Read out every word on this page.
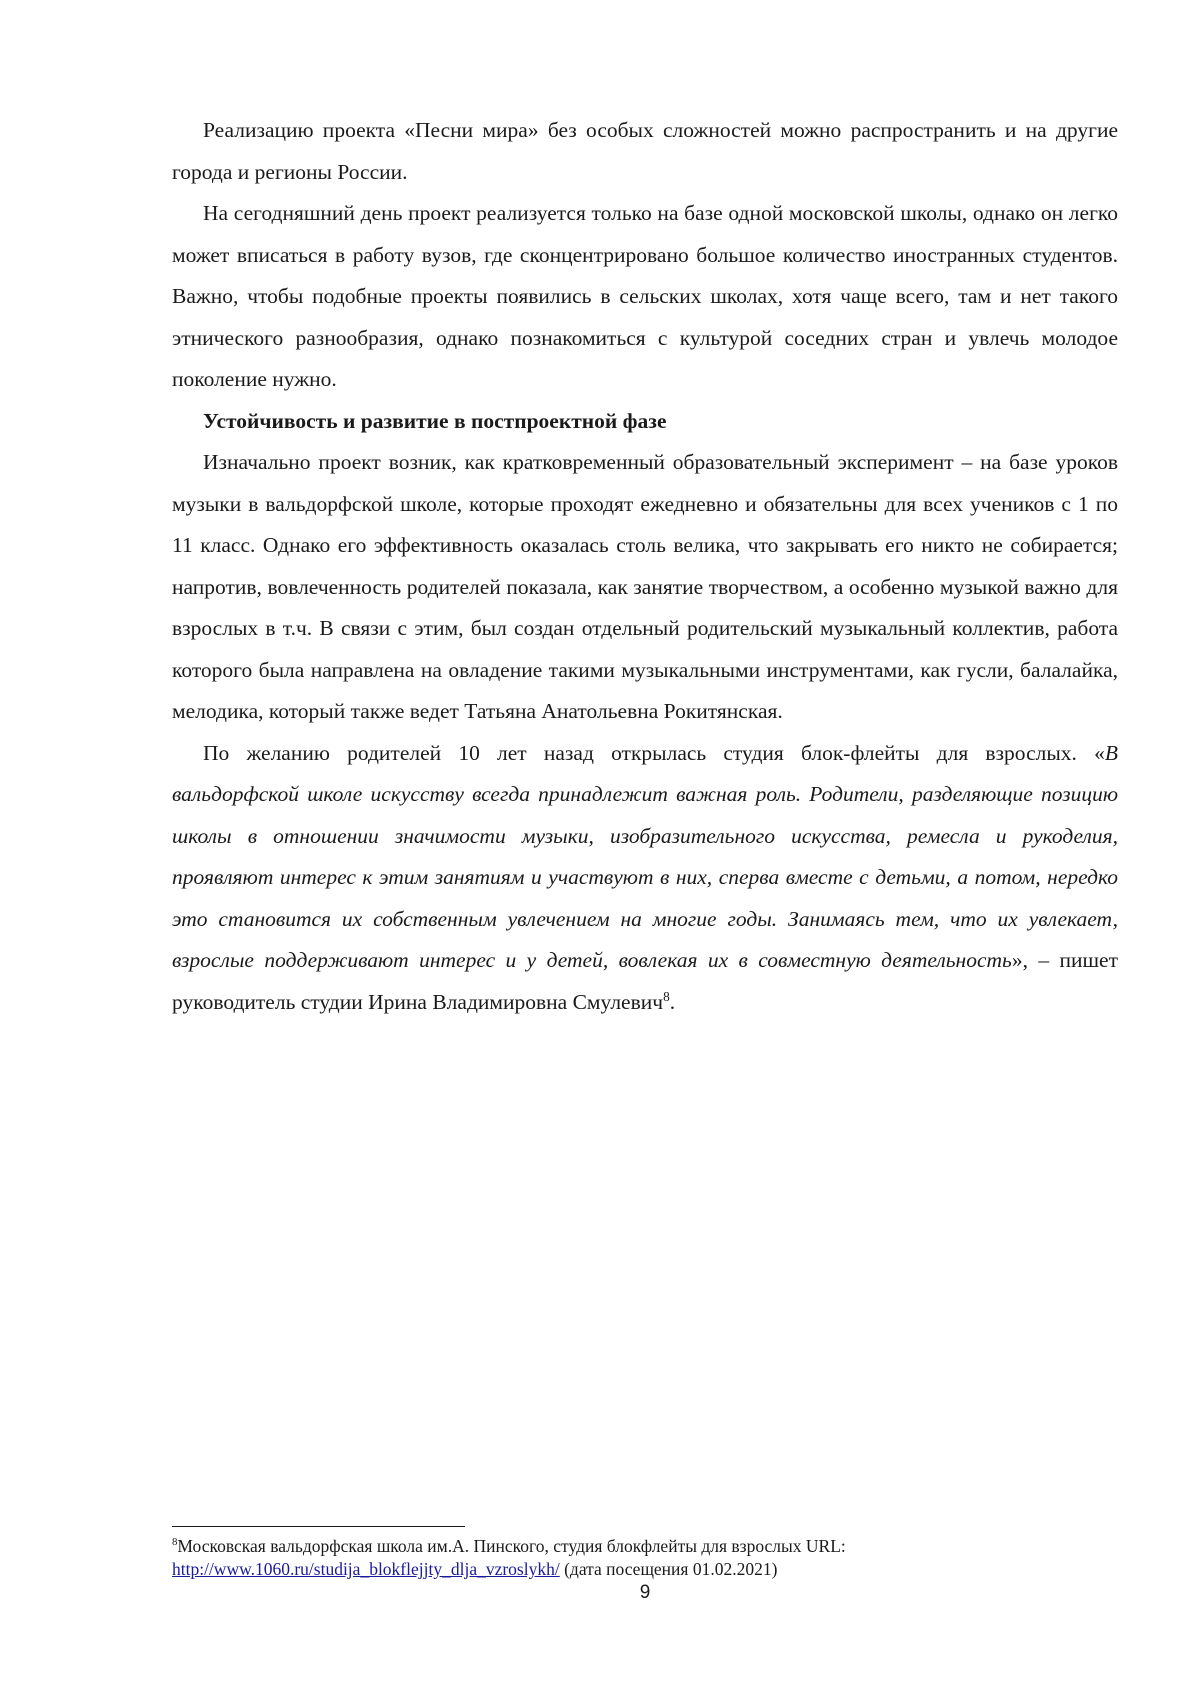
Реализацию проекта «Песни мира» без особых сложностей можно распространить и на другие города и регионы России.

На сегодняшний день проект реализуется только на базе одной московской школы, однако он легко может вписаться в работу вузов, где сконцентрировано большое количество иностранных студентов. Важно, чтобы подобные проекты появились в сельских школах, хотя чаще всего, там и нет такого этнического разнообразия, однако познакомиться с культурой соседних стран и увлечь молодое поколение нужно.

Устойчивость и развитие в постпроектной фазе

Изначально проект возник, как кратковременный образовательный эксперимент – на базе уроков музыки в вальдорфской школе, которые проходят ежедневно и обязательны для всех учеников с 1 по 11 класс. Однако его эффективность оказалась столь велика, что закрывать его никто не собирается; напротив, вовлеченность родителей показала, как занятие творчеством, а особенно музыкой важно для взрослых в т.ч. В связи с этим, был создан отдельный родительский музыкальный коллектив, работа которого была направлена на овладение такими музыкальными инструментами, как гусли, балалайка, мелодика, который также ведет Татьяна Анатольевна Рокитянская.

По желанию родителей 10 лет назад открылась студия блок-флейты для взрослых. «В вальдорфской школе искусству всегда принадлежит важная роль. Родители, разделяющие позицию школы в отношении значимости музыки, изобразительного искусства, ремесла и рукоделия, проявляют интерес к этим занятиям и участвуют в них, сперва вместе с детьми, а потом, нередко это становится их собственным увлечением на многие годы. Занимаясь тем, что их увлекает, взрослые поддерживают интерес и у детей, вовлекая их в совместную деятельность», – пишет руководитель студии Ирина Владимировна Смулевич$^8$.

$^8$Московская вальдорфская школа им.А. Пинского, студия блокфлейты для взрослых URL:
http://www.1060.ru/studija_blokflejjty_dlja_vzroslykh/ (дата посещения 01.02.2021)
9
